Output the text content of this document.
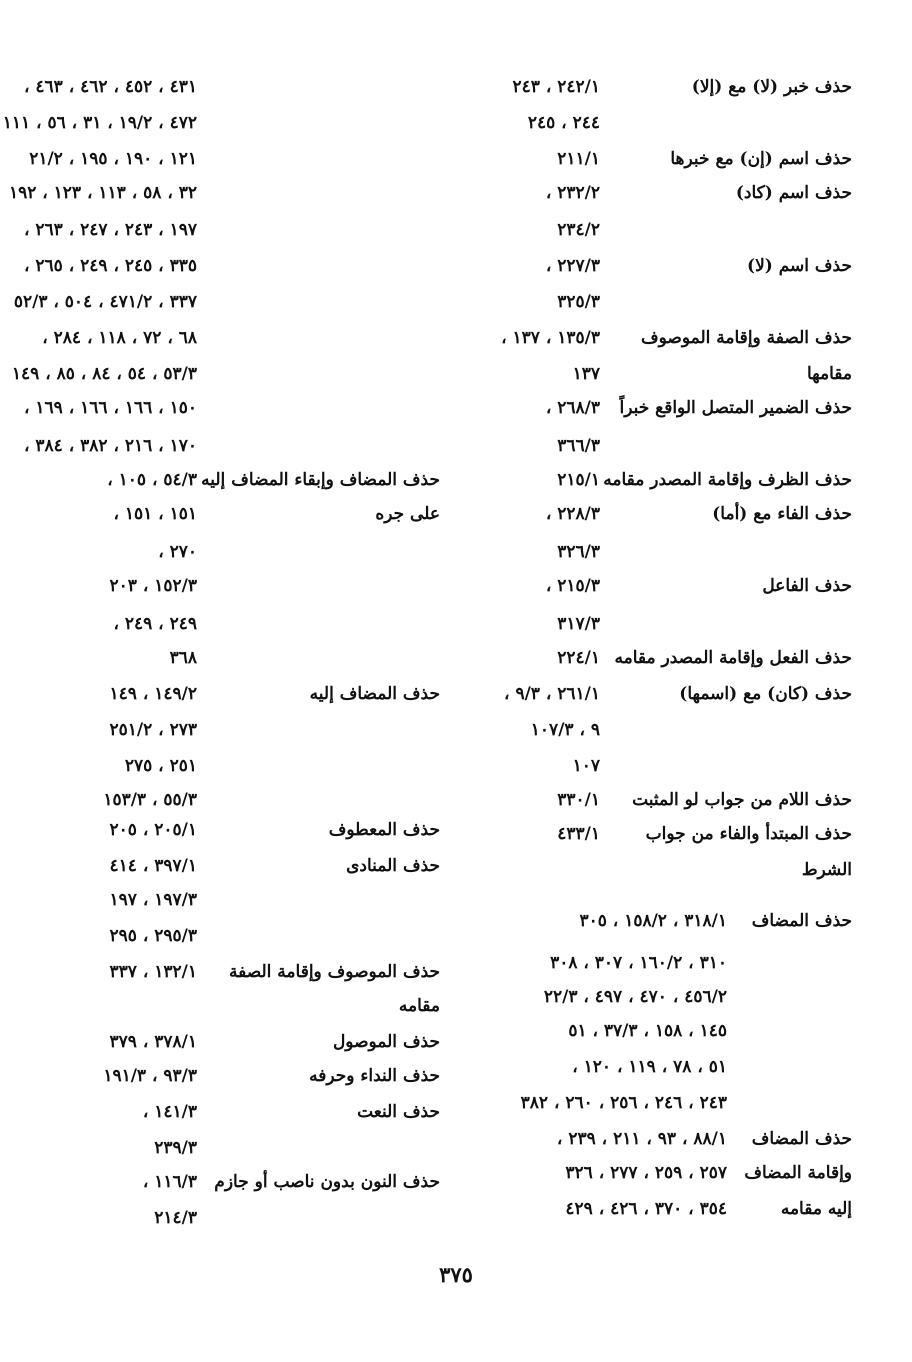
حذف خبر (لا) مع (إلا)
٢٤٢/١ ، ٢٤٣
٢٤٤ ، ٢٤٥
حذف اسم (إن) مع خبرها
٢١١/١
حذف اسم (كاد)
٢٣٢/٢ ،
٢٣٤/٢
حذف اسم (لا)
٢٢٧/٣ ،
٣٢٥/٣
حذف الصفة وإقامة الموصوف
١٣٥/٣ ، ١٣٧ ،
مقامها
١٣٧
حذف الضمير المتصل الواقع خبراً
٢٦٨/٣ ،
٣٦٦/٣
حذف الظرف وإقامة المصدر مقامه
٢١٥/١
حذف الفاء مع (أما)
٢٢٨/٣ ،
٣٢٦/٣
حذف الفاعل
٢١٥/٣ ،
٣١٧/٣
حذف الفعل وإقامة المصدر مقامه
٢٢٤/١
حذف (كان) مع (اسمها)
٢٦١/١ ، ٩/٣ ،
٩ ، ١٠٧/٣
١٠٧
حذف اللام من جواب لو المثبت
٣٣٠/١
حذف المبتدأ والفاء من جواب
٤٣٣/١
الشرط
حذف المضاف
٣١٨/١ ، ١٥٨/٢ ، ٣٠٥
٣١٠ ، ١٦٠/٢ ، ٣٠٧ ، ٣٠٨
٤٥٦/٢ ، ٤٧٠ ، ٤٩٧ ، ٢٢/٣
١٤٥ ، ١٥٨ ، ٣٧/٣ ، ٥١
٥١ ، ٧٨ ، ١١٩ ، ١٢٠ ،
٢٤٣ ، ٢٤٦ ، ٢٥٦ ، ٢٦٠ ، ٣٨٢
حذف المضاف
٨٨/١ ، ٩٣ ، ٢١١ ، ٢٣٩ ،
وإقامة المضاف
٢٥٧ ، ٢٥٩ ، ٢٧٧ ، ٣٢٦
إليه مقامه
٣٥٤ ، ٣٧٠ ، ٤٢٦ ، ٤٢٩
٤٣١ ، ٤٥٢ ، ٤٦٢ ، ٤٦٣ ،
٤٧٢ ، ١٩/٢ ، ٣١ ، ٥٦ ، ١١١
١٢١ ، ١٩٠ ، ١٩٥ ، ٢١/٢
٣٢ ، ٥٨ ، ١١٣ ، ١٢٣ ، ١٩٢
١٩٧ ، ٢٤٣ ، ٢٤٧ ، ٢٦٣ ،
٣٣٥ ، ٢٤٥ ، ٢٤٩ ، ٢٦٥ ،
٣٣٧ ، ٤٧١/٢ ، ٥٠٤ ، ٥٢/٣
٦٨ ، ٧٢ ، ١١٨ ، ٢٨٤ ،
٥٣/٣ ، ٥٤ ، ٨٤ ، ٨٥ ، ١٤٩
١٥٠ ، ١٦٦ ، ١٦٦ ، ١٦٩ ،
١٧٠ ، ٢١٦ ، ٣٨٢ ، ٣٨٤ ،
حذف المضاف وإبقاء المضاف إليه
٥٤/٣ ، ١٠٥ ،
على جره
١٥١ ، ١٥١ ،
٢٧٠ ،
١٥٢/٣ ، ٢٠٣
٢٤٩ ، ٢٤٩ ،
٣٦٨
حذف المضاف إليه
١٤٩/٢ ، ١٤٩
٢٧٣ ، ٢٥١/٢
٢٥١ ، ٢٧٥
٥٥/٣ ، ١٥٣/٣
حذف المعطوف
٢٠٥/١ ، ٢٠٥
حذف المنادى
٣٩٧/١ ، ٤١٤
١٩٧/٣ ، ١٩٧
٢٩٥/٣ ، ٢٩٥
حذف الموصوف وإقامة الصفة
١٣٢/١ ، ٣٣٧
مقامه
حذف الموصول
٣٧٨/١ ، ٣٧٩
حذف النداء وحرفه
٩٣/٣ ، ١٩١/٣
حذف النعت
١٤١/٣ ،
٢٣٩/٣
حذف النون بدون ناصب أو جازم
١١٦/٣ ،
٢١٤/٣
٣٧٥
